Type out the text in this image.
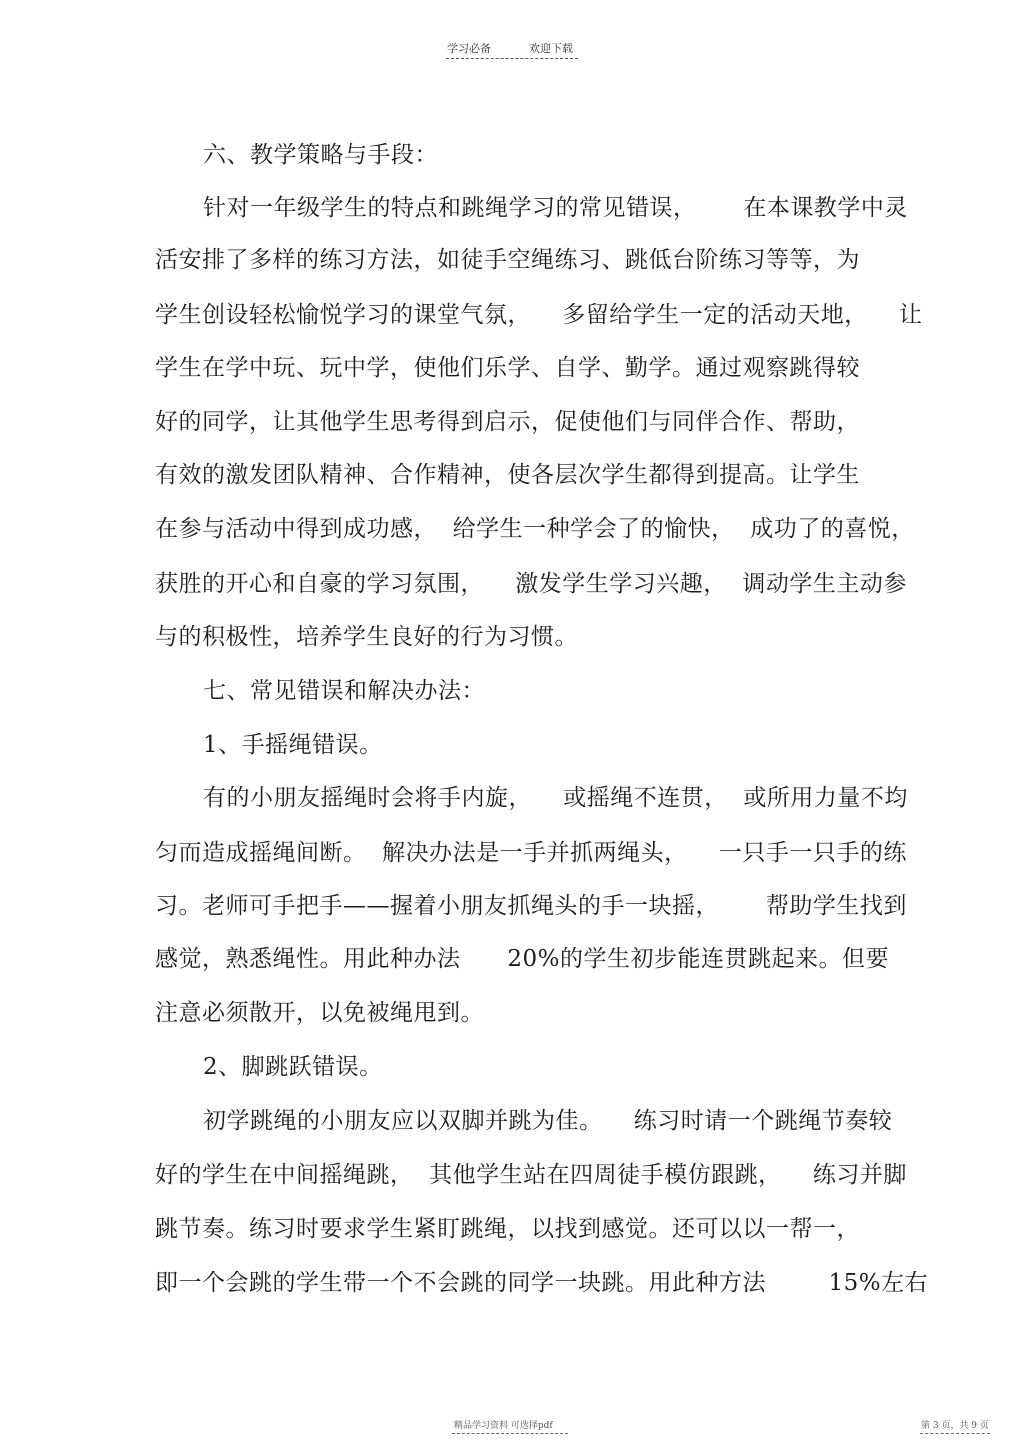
学习必备	欢迎下载
六、教学策略与手段：
针对一年级学生的特点和跳绳学习的常见错误，      在本课教学中灵
活安排了多样的练习方法，如徒手空绳练习、跳低台阶练习等等，为
学生创设轻松愉悦学习的课堂气氛，    多留给学生一定的活动天地，    让
学生在学中玩、玩中学，使他们乐学、自学、勤学。通过观察跳得较
好的同学，让其他学生思考得到启示，促使他们与同伴合作、帮助，
有效的激发团队精神、合作精神，使各层次学生都得到提高。让学生
在参与活动中得到成功感，  给学生一种学会了的愉快，  成功了的喜悦，
获胜的开心和自豪的学习氛围，    激发学生学习兴趣，  调动学生主动参
与的积极性，培养学生良好的行为习惯。
七、常见错误和解决办法：
1、手摇绳错误。
有的小朋友摇绳时会将手内旋，    或摇绳不连贯，  或所用力量不均
匀而造成摇绳间断。  解决办法是一手并抓两绳头，    一只手一只手的练
习。老师可手把手——握着小朋友抓绳头的手一块摇，      帮助学生找到
感觉，熟悉绳性。用此种办法      20%的学生初步能连贯跳起来。但要
注意必须散开，以免被绳甩到。
2、脚跳跃错误。
初学跳绳的小朋友应以双脚并跳为佳。    练习时请一个跳绳节奏较
好的学生在中间摇绳跳，  其他学生站在四周徒手模仿跟跳，    练习并脚
跳节奏。练习时要求学生紧盯跳绳，以找到感觉。还可以以一帮一，
即一个会跳的学生带一个不会跳的同学一块跳。用此种方法        15%左右
精品学习资料 可选择pdf	第 3 页，共 9 页
